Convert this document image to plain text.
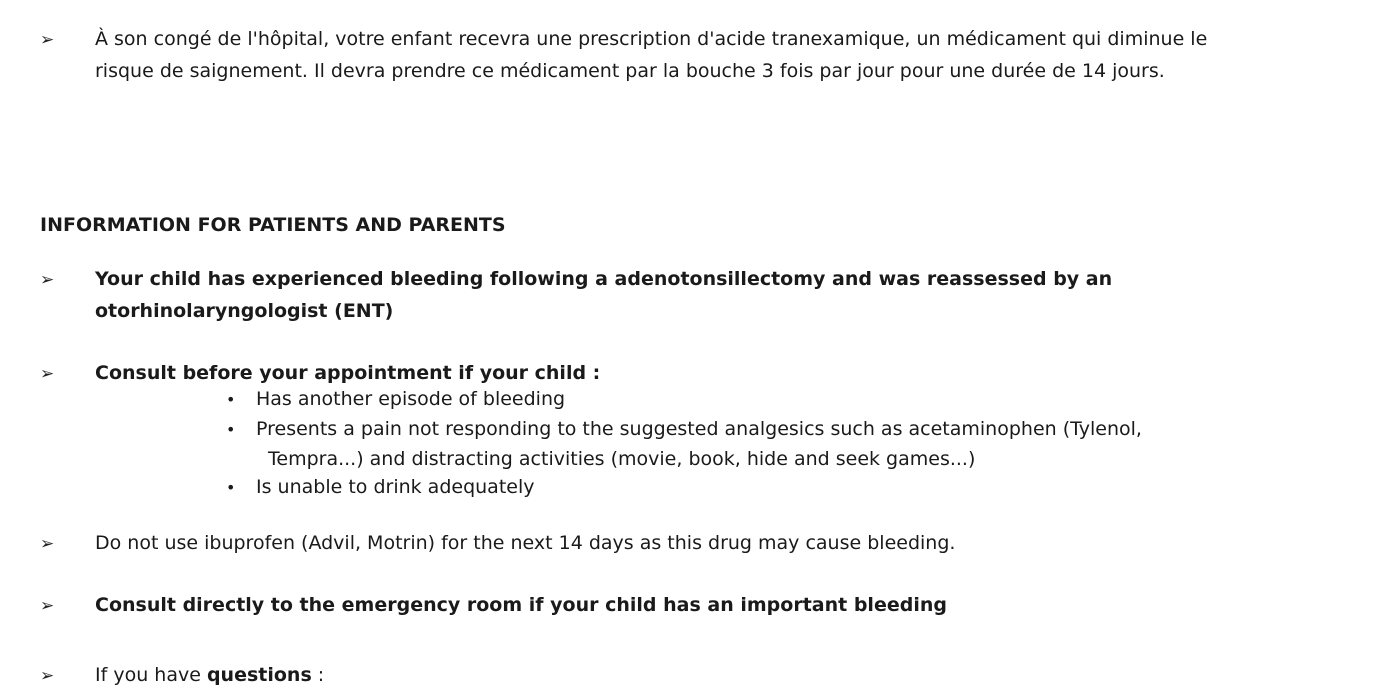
➢ À son congé de l'hôpital, votre enfant recevra une prescription d'acide tranexamique, un médicament qui diminue le
risque de saignement. Il devra prendre ce médicament par la bouche 3 fois par jour pour une durée de 14 jours.
INFORMATION FOR PATIENTS AND PARENTS
➢ Your child has experienced bleeding following a adenotonsillectomy and was reassessed by an
otorhinolaryngologist (ENT)
➢ Consult before your appointment if your child :
• Has another episode of bleeding
• Presents a pain not responding to the suggested analgesics such as acetaminophen (Tylenol,
Tempra...) and distracting activities (movie, book, hide and seek games...)
• Is unable to drink adequately
➢ Do not use ibuprofen (Advil, Motrin) for the next 14 days as this drug may cause bleeding.
➢ Consult directly to the emergency room if your child has an important bleeding
➢ If you have questions :
